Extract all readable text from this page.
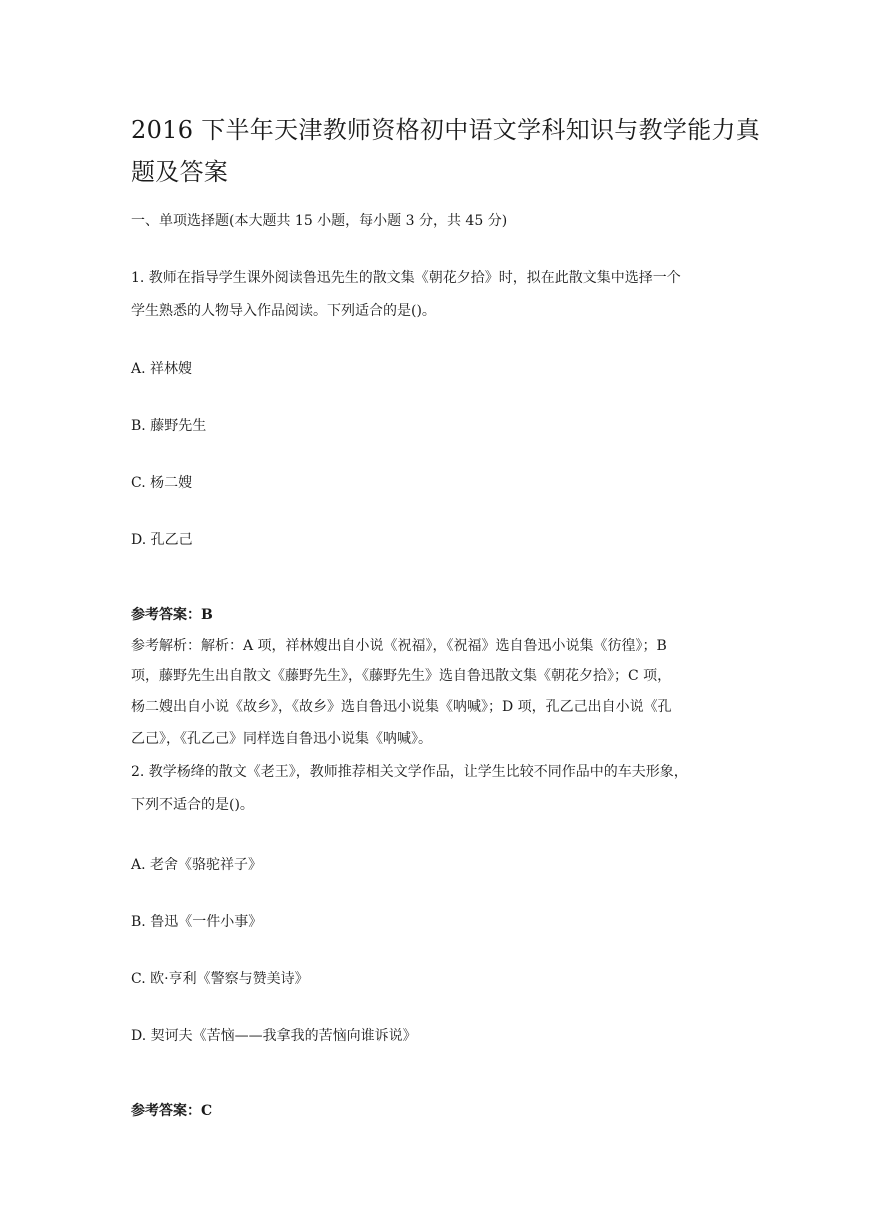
2016 下半年天津教师资格初中语文学科知识与教学能力真
题及答案
一、单项选择题(本大题共 15 小题，每小题 3 分，共 45 分)
1. 教师在指导学生课外阅读鲁迅先生的散文集《朝花夕拾》时，拟在此散文集中选择一个
学生熟悉的人物导入作品阅读。下列适合的是()。
A. 祥林嫂
B. 藤野先生
C. 杨二嫂
D. 孔乙己
参考答案：B
参考解析：解析：A 项，祥林嫂出自小说《祝福》，《祝福》选自鲁迅小说集《彷徨》；B
项，藤野先生出自散文《藤野先生》，《藤野先生》选自鲁迅散文集《朝花夕拾》；C 项，
杨二嫂出自小说《故乡》，《故乡》选自鲁迅小说集《呐喊》；D 项，孔乙己出自小说《孔
乙己》，《孔乙己》同样选自鲁迅小说集《呐喊》。
2. 教学杨绛的散文《老王》，教师推荐相关文学作品，让学生比较不同作品中的车夫形象，
下列不适合的是()。
A. 老舍《骆驼祥子》
B. 鲁迅《一件小事》
C. 欧·亨利《警察与赞美诗》
D. 契诃夫《苦恼——我拿我的苦恼向谁诉说》
参考答案：C
